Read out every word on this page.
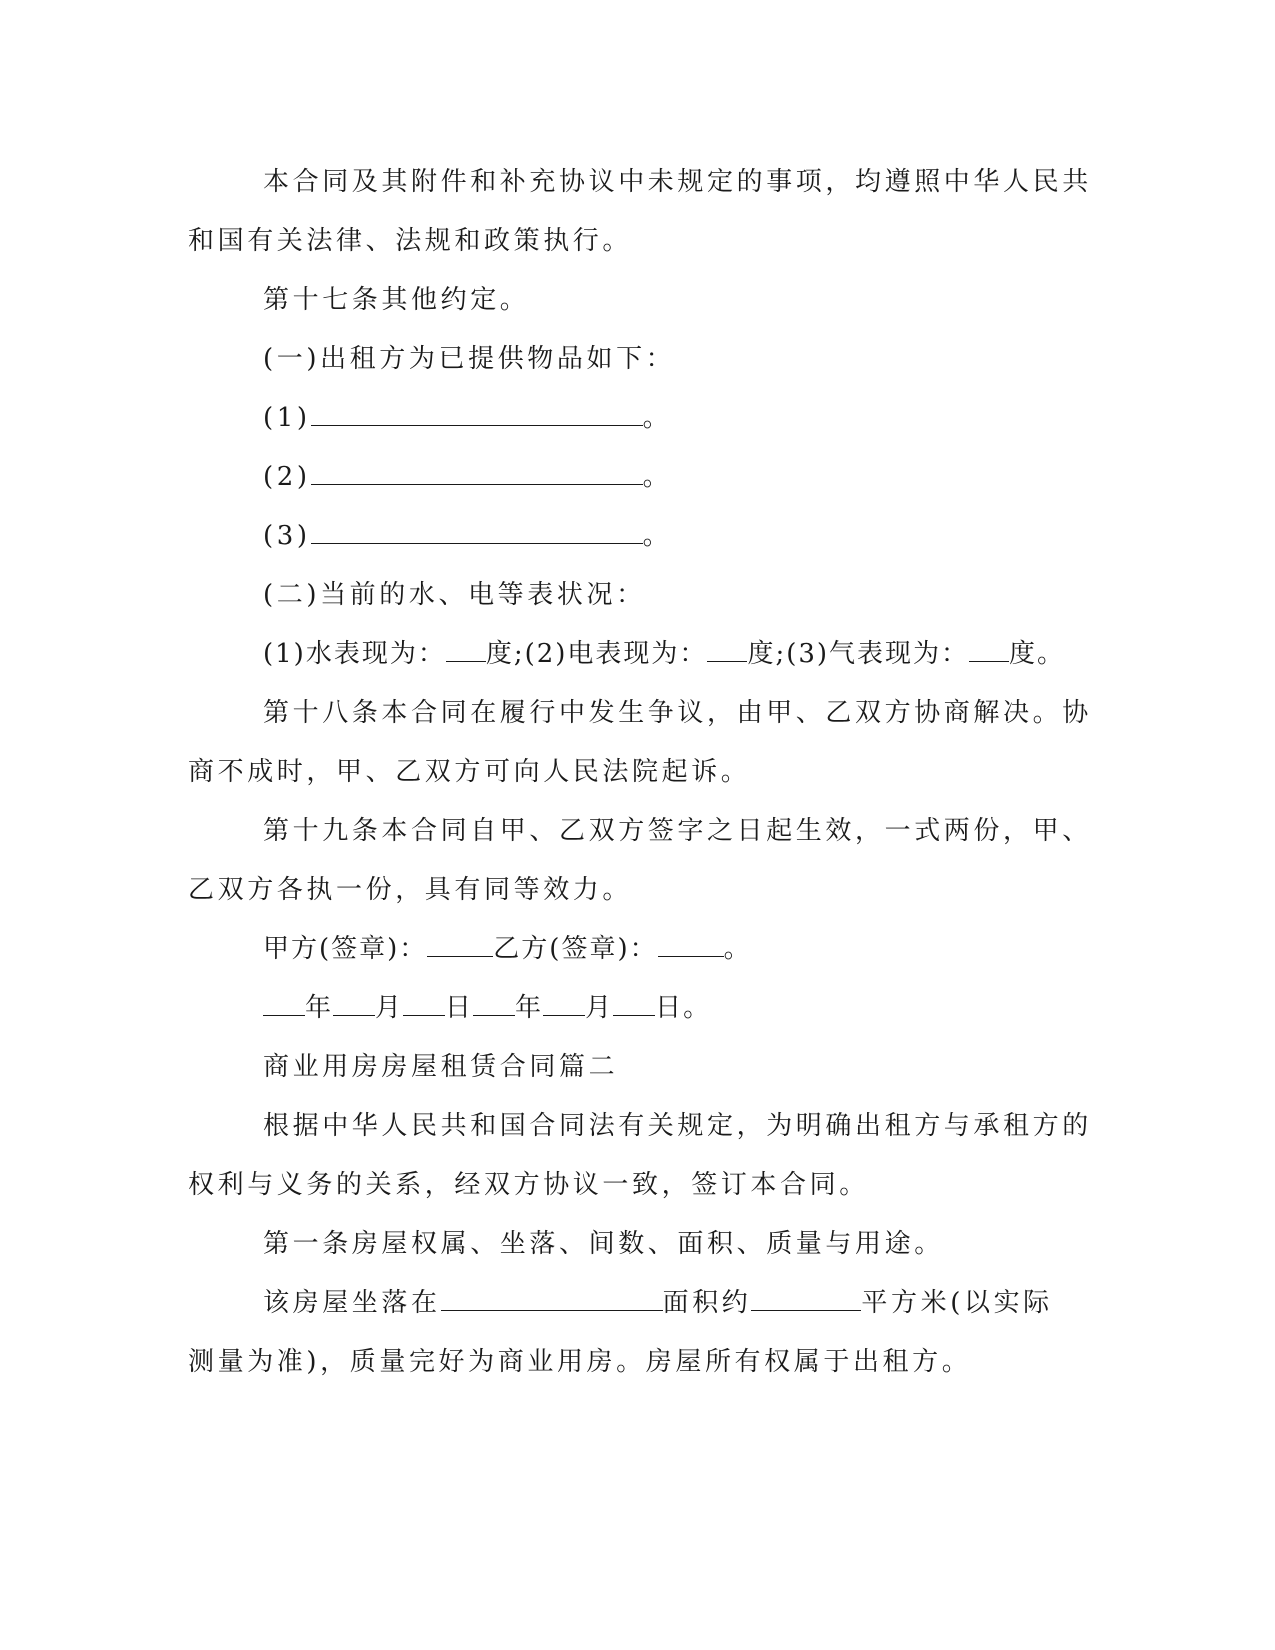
本合同及其附件和补充协议中未规定的事项，均遵照中华人民共

和国有关法律、法规和政策执行。

第十七条其他约定。

(一)出租方为已提供物品如下：

(1)	。

(2)	。

(3)	。

(二)当前的水、电等表状况：

(1)水表现为： 度;(2)电表现为： 度;(3)气表现为： 度。

第十八条本合同在履行中发生争议，由甲、乙双方协商解决。协

商不成时，甲、乙双方可向人民法院起诉。

第十九条本合同自甲、乙双方签字之日起生效，一式两份，甲、

乙双方各执一份，具有同等效力。

甲方(签章)：	乙方(签章)：	。

年 月 日 年 月 日。

商业用房房屋租赁合同篇二

根据中华人民共和国合同法有关规定，为明确出租方与承租方的

权利与义务的关系，经双方协议一致，签订本合同。

第一条房屋权属、坐落、间数、面积、质量与用途。

该房屋坐落在	面积约	平方米(以实际

测量为准)，质量完好为商业用房。房屋所有权属于出租方。
